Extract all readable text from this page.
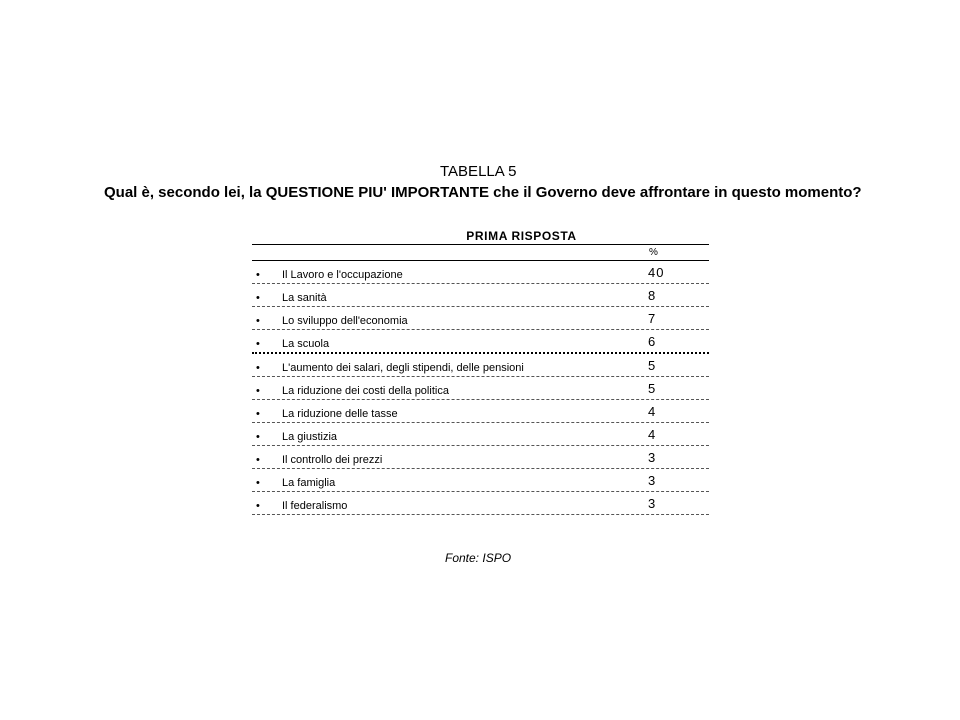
TABELLA 5
Qual è, secondo lei, la QUESTIONE PIU' IMPORTANTE che il Governo deve affrontare in questo momento?
PRIMA RISPOSTA
%
• Il Lavoro e l'occupazione	40
• La sanità	8
• Lo sviluppo dell'economia	7
• La scuola	6
• L'aumento dei salari, degli stipendi, delle pensioni	5
• La riduzione dei costi della politica	5
• La riduzione delle tasse	4
• La giustizia	4
• Il controllo dei prezzi	3
• La famiglia	3
• Il federalismo	3
Fonte: ISPO
